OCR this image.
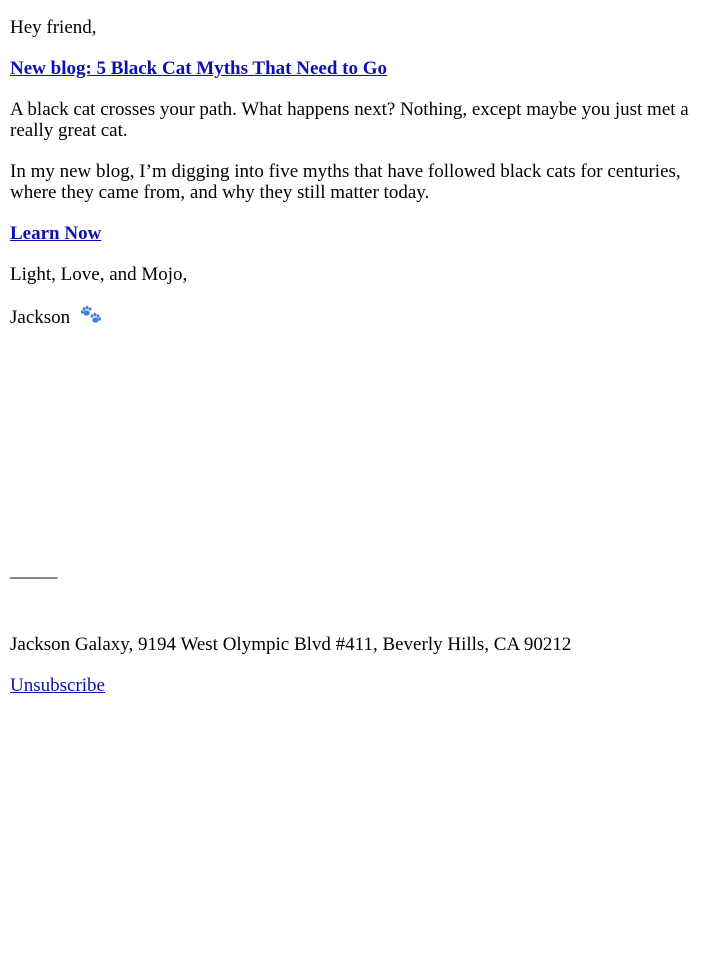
Hey friend,

New blog: 5 Black Cat Myths That Need to Go

A black cat crosses your path. What happens next? Nothing, except maybe you just met a really great cat.

In my new blog, I’m digging into five myths that have followed black cats for centuries, where they came from, and why they still matter today.

Learn Now

Light, Love, and Mojo,

Jackson

_____

Jackson Galaxy, 9194 West Olympic Blvd #411, Beverly Hills, CA 90212

Unsubscribe
